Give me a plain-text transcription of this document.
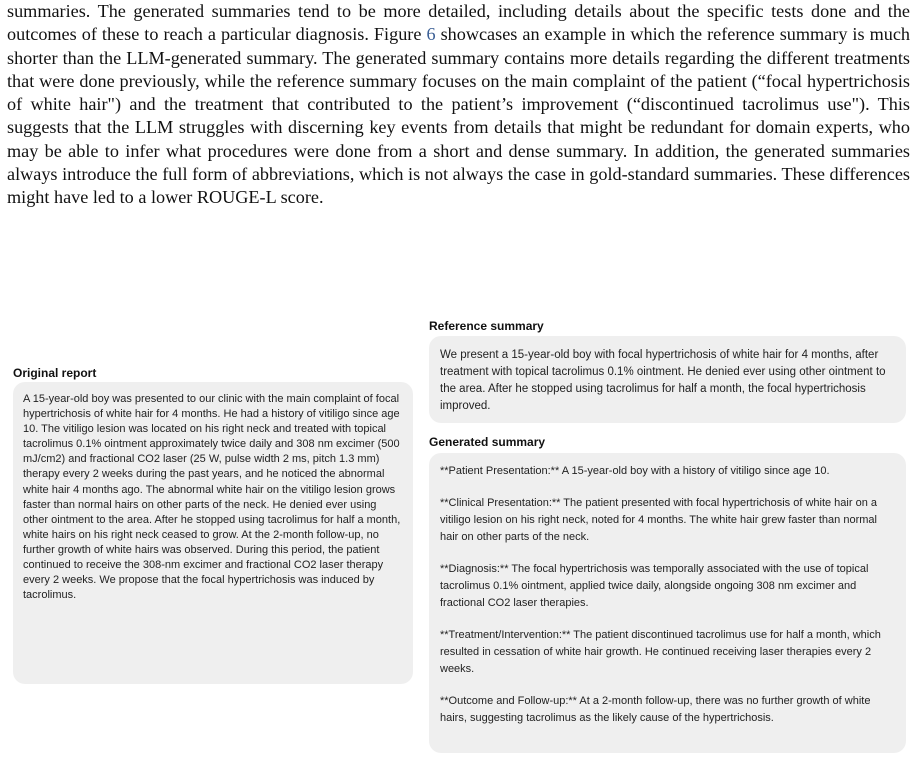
summaries. The generated summaries tend to be more detailed, including details about the specific tests done and the outcomes of these to reach a particular diagnosis. Figure 6 showcases an example in which the reference summary is much shorter than the LLM-generated summary. The generated summary contains more details regarding the different treatments that were done previously, while the reference summary focuses on the main complaint of the patient (“focal hypertrichosis of white hair") and the treatment that contributed to the patient’s improvement (“discontinued tacrolimus use"). This suggests that the LLM struggles with discerning key events from details that might be redundant for domain experts, who may be able to infer what procedures were done from a short and dense summary. In addition, the generated summaries always introduce the full form of abbreviations, which is not always the case in gold-standard summaries. These differences might have led to a lower ROUGE-L score.

Original report

A 15-year-old boy was presented to our clinic with the main complaint of focal hypertrichosis of white hair for 4 months. He had a history of vitiligo since age 10. The vitiligo lesion was located on his right neck and treated with topical tacrolimus 0.1% ointment approximately twice daily and 308 nm excimer (500 mJ/cm2) and fractional CO2 laser (25 W, pulse width 2 ms, pitch 1.3 mm) therapy every 2 weeks during the past years, and he noticed the abnormal white hair 4 months ago. The abnormal white hair on the vitiligo lesion grows faster than normal hairs on other parts of the neck. He denied ever using other ointment to the area. After he stopped using tacrolimus for half a month, white hairs on his right neck ceased to grow. At the 2-month follow-up, no further growth of white hairs was observed. During this period, the patient continued to receive the 308-nm excimer and fractional CO2 laser therapy every 2 weeks. We propose that the focal hypertrichosis was induced by tacrolimus.

Reference summary

We present a 15-year-old boy with focal hypertrichosis of white hair for 4 months, after treatment with topical tacrolimus 0.1% ointment. He denied ever using other ointment to the area. After he stopped using tacrolimus for half a month, the focal hypertrichosis improved.

Generated summary

**Patient Presentation:** A 15-year-old boy with a history of vitiligo since age 10.

**Clinical Presentation:** The patient presented with focal hypertrichosis of white hair on a vitiligo lesion on his right neck, noted for 4 months. The white hair grew faster than normal hair on other parts of the neck.

**Diagnosis:** The focal hypertrichosis was temporally associated with the use of topical tacrolimus 0.1% ointment, applied twice daily, alongside ongoing 308 nm excimer and fractional CO2 laser therapies.

**Treatment/Intervention:** The patient discontinued tacrolimus use for half a month, which resulted in cessation of white hair growth. He continued receiving laser therapies every 2 weeks.

**Outcome and Follow-up:** At a 2-month follow-up, there was no further growth of white hairs, suggesting tacrolimus as the likely cause of the hypertrichosis.
